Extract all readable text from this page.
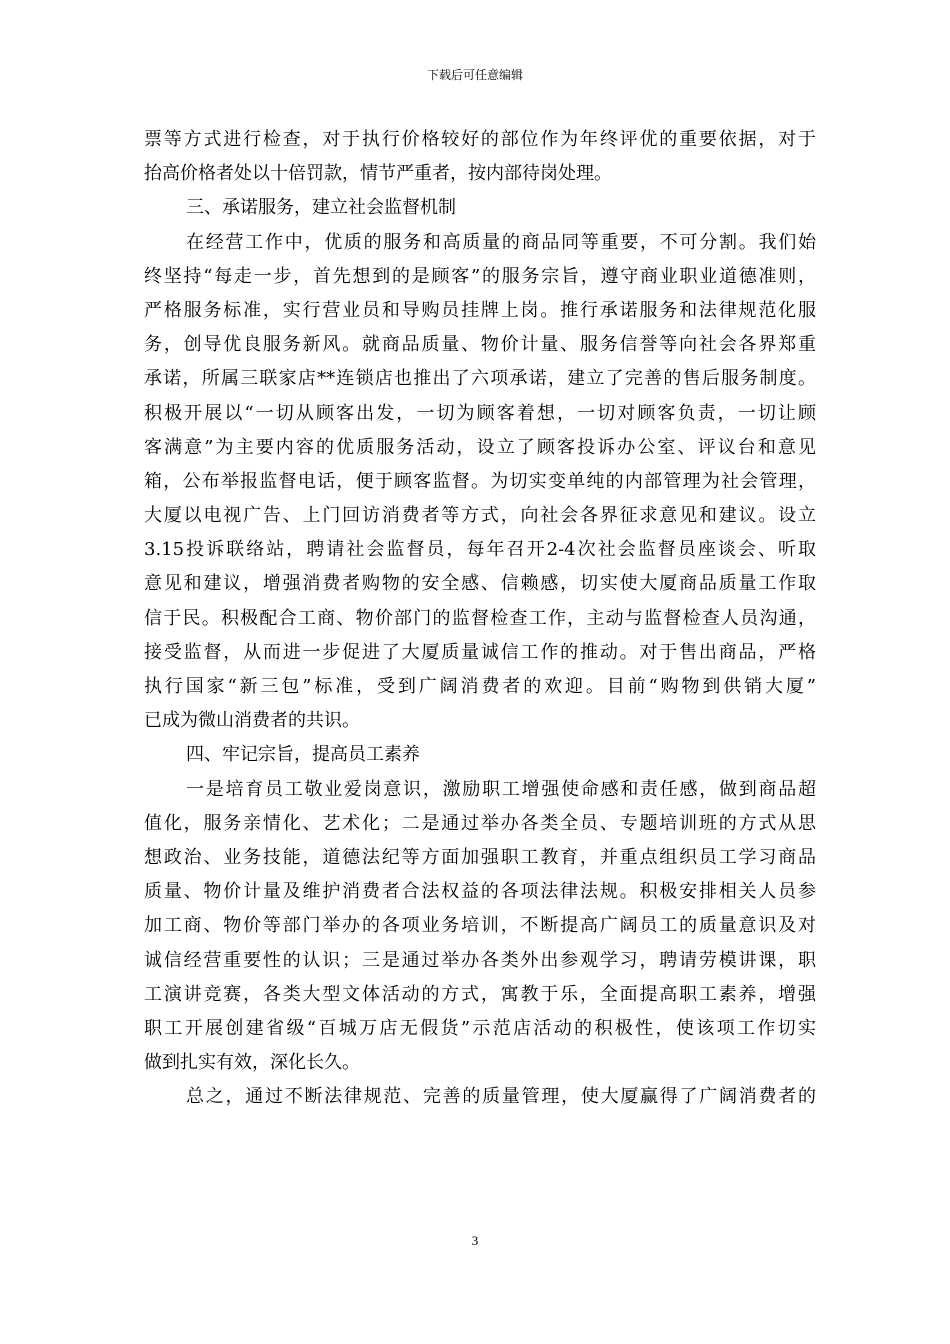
下载后可任意编辑
票等方式进行检查，对于执行价格较好的部位作为年终评优的重要依据，对于
抬高价格者处以十倍罚款，情节严重者，按内部待岗处理。
三、承诺服务，建立社会监督机制
在经营工作中，优质的服务和高质量的商品同等重要，不可分割。我们始
终坚持“每走一步，首先想到的是顾客”的服务宗旨，遵守商业职业道德准则，
严格服务标准，实行营业员和导购员挂牌上岗。推行承诺服务和法律规范化服
务，创导优良服务新风。就商品质量、物价计量、服务信誉等向社会各界郑重
承诺，所属三联家店**连锁店也推出了六项承诺，建立了完善的售后服务制度。
积极开展以“一切从顾客出发，一切为顾客着想，一切对顾客负责，一切让顾
客满意”为主要内容的优质服务活动，设立了顾客投诉办公室、评议台和意见
箱，公布举报监督电话，便于顾客监督。为切实变单纯的内部管理为社会管理，
大厦以电视广告、上门回访消费者等方式，向社会各界征求意见和建议。设立
3.15投诉联络站，聘请社会监督员，每年召开2-4次社会监督员座谈会、听取
意见和建议，增强消费者购物的安全感、信赖感，切实使大厦商品质量工作取
信于民。积极配合工商、物价部门的监督检查工作，主动与监督检查人员沟通，
接受监督，从而进一步促进了大厦质量诚信工作的推动。对于售出商品，严格
执行国家“新三包”标准，受到广阔消费者的欢迎。目前“购物到供销大厦”
已成为微山消费者的共识。
四、牢记宗旨，提高员工素养
一是培育员工敬业爱岗意识，激励职工增强使命感和责任感，做到商品超
值化，服务亲情化、艺术化；二是通过举办各类全员、专题培训班的方式从思
想政治、业务技能，道德法纪等方面加强职工教育，并重点组织员工学习商品
质量、物价计量及维护消费者合法权益的各项法律法规。积极安排相关人员参
加工商、物价等部门举办的各项业务培训，不断提高广阔员工的质量意识及对
诚信经营重要性的认识；三是通过举办各类外出参观学习，聘请劳模讲课，职
工演讲竞赛，各类大型文体活动的方式，寓教于乐，全面提高职工素养，增强
职工开展创建省级“百城万店无假货”示范店活动的积极性，使该项工作切实
做到扎实有效，深化长久。
总之，通过不断法律规范、完善的质量管理，使大厦赢得了广阔消费者的
3
